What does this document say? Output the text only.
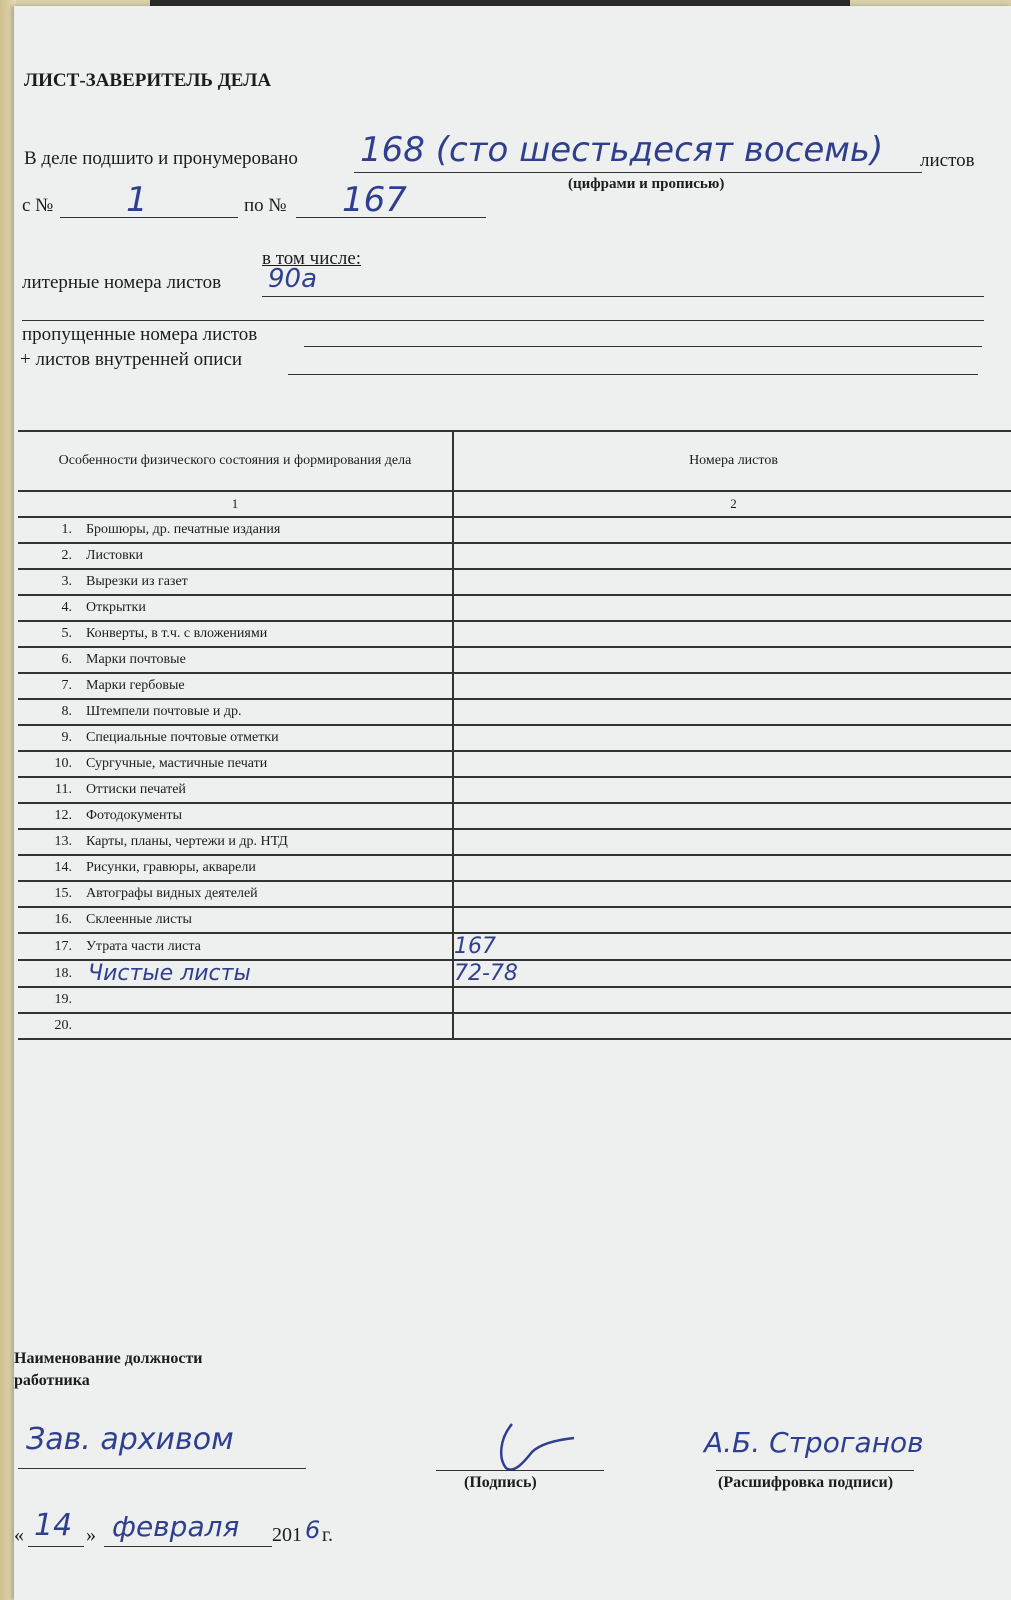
ЛИСТ-ЗАВЕРИТЕЛЬ ДЕЛА
В деле подшито и пронумеровано 168 (сто шестьдесят восемь) листов
(цифрами и прописью)
с № 1	по № 167
в том числе:
литерные номера листов 90а
пропущенные номера листов
+ листов внутренней описи
Особенности физического состояния и формирования дела	Номера листов
1	2
1. Брошюры, др. печатные издания	
2. Листовки	
3. Вырезки из газет	
4. Открытки	
5. Конверты, в т.ч. с вложениями	
6. Марки почтовые	
7. Марки гербовые	
8. Штемпели почтовые и др.	
9. Специальные почтовые отметки	
10. Сургучные, мастичные печати	
11. Оттиски печатей	
12. Фотодокументы	
13. Карты, планы, чертежи и др. НТД	
14. Рисунки, гравюры, акварели	
15. Автографы видных деятелей	
16. Склеенные листы	
17. Утрата части листа	167
18. Чистые листы	72-78
19.	
20.	
Наименование должности
работника
Зав. архивом
(Подпись)
А.Б. Строганов
(Расшифровка подписи)
« 14 » февраля 201 6 г.
